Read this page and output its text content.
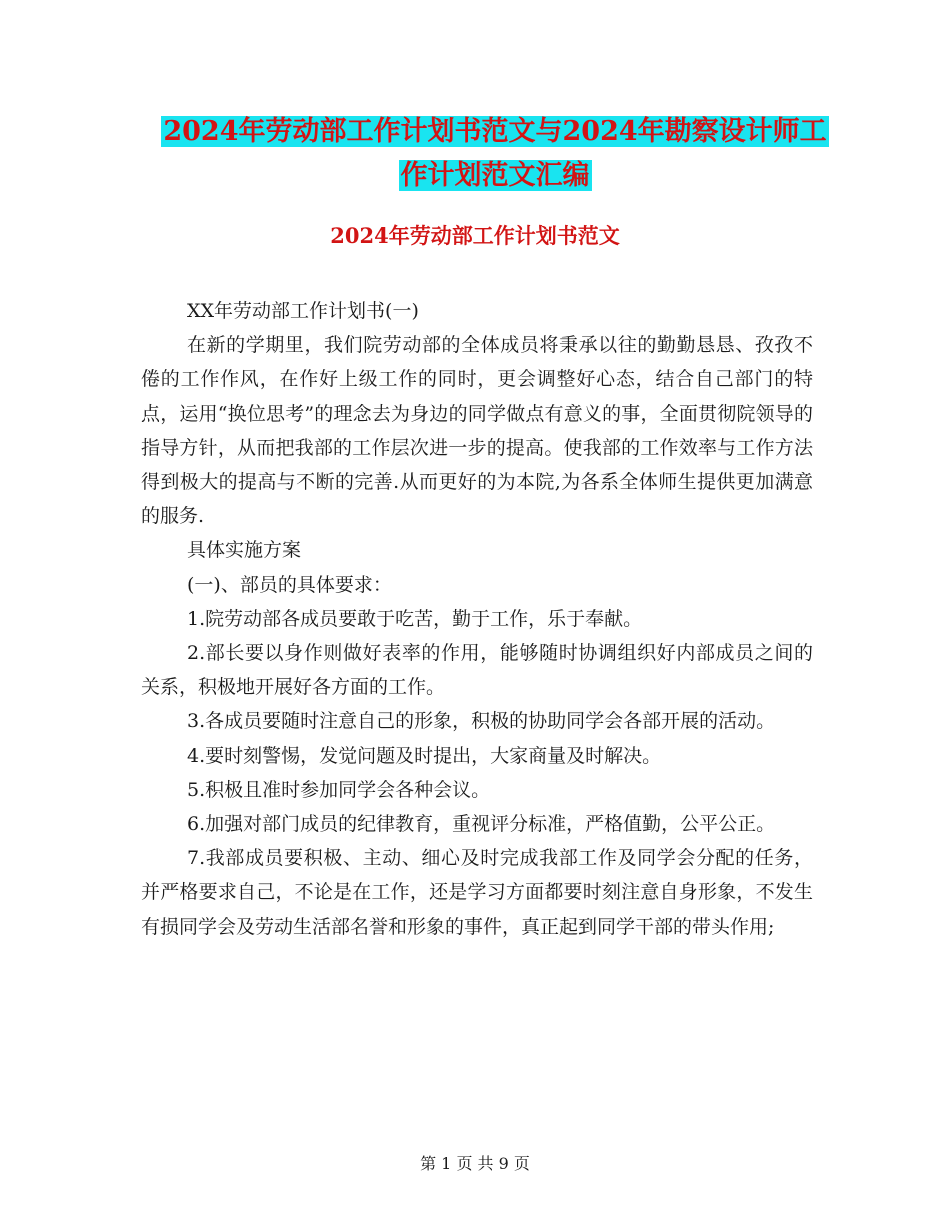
2024年劳动部工作计划书范文与2024年勘察设计师工
作计划范文汇编
2024年劳动部工作计划书范文

XX年劳动部工作计划书(一)

在新的学期里，我们院劳动部的全体成员将秉承以往的勤勤恳恳、孜孜不倦的工作作风，在作好上级工作的同时，更会调整好心态，结合自己部门的特点，运用“换位思考”的理念去为身边的同学做点有意义的事，全面贯彻院领导的指导方针，从而把我部的工作层次进一步的提高。使我部的工作效率与工作方法得到极大的提高与不断的完善.从而更好的为本院,为各系全体师生提供更加满意的服务.

具体实施方案

(一)、部员的具体要求：

1.院劳动部各成员要敢于吃苦，勤于工作，乐于奉献。

2.部长要以身作则做好表率的作用，能够随时协调组织好内部成员之间的关系，积极地开展好各方面的工作。

3.各成员要随时注意自己的形象，积极的协助同学会各部开展的活动。

4.要时刻警惕，发觉问题及时提出，大家商量及时解决。

5.积极且准时参加同学会各种会议。

6.加强对部门成员的纪律教育，重视评分标准，严格值勤，公平公正。

7.我部成员要积极、主动、细心及时完成我部工作及同学会分配的任务，并严格要求自己，不论是在工作，还是学习方面都要时刻注意自身形象，不发生有损同学会及劳动生活部名誉和形象的事件，真正起到同学干部的带头作用;

第 1 页 共 9 页
